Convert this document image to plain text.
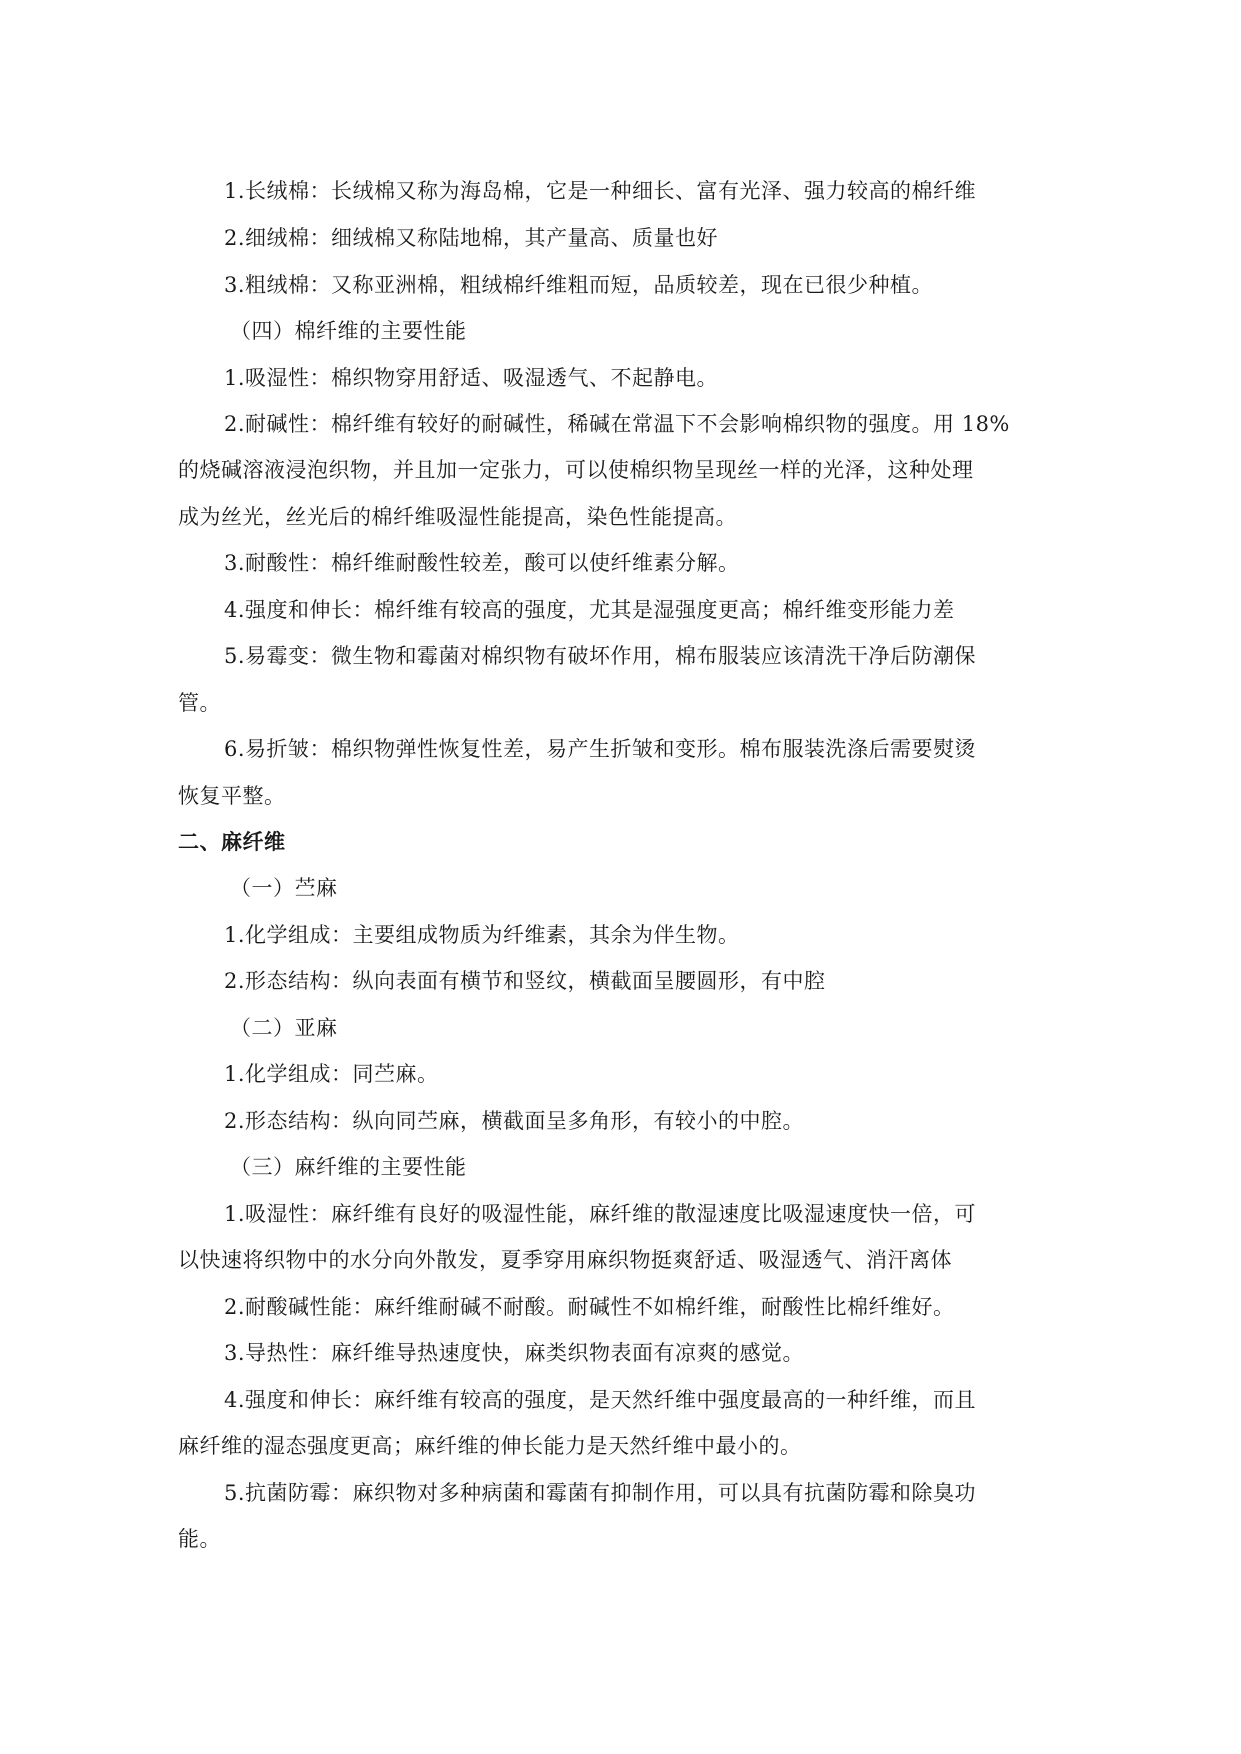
1.长绒棉：长绒棉又称为海岛棉，它是一种细长、富有光泽、强力较高的棉纤维
2.细绒棉：细绒棉又称陆地棉，其产量高、质量也好
3.粗绒棉：又称亚洲棉，粗绒棉纤维粗而短，品质较差，现在已很少种植。
（四）棉纤维的主要性能
1.吸湿性：棉织物穿用舒适、吸湿透气、不起静电。
2.耐碱性：棉纤维有较好的耐碱性，稀碱在常温下不会影响棉织物的强度。用 18%
的烧碱溶液浸泡织物，并且加一定张力，可以使棉织物呈现丝一样的光泽，这种处理
成为丝光，丝光后的棉纤维吸湿性能提高，染色性能提高。
3.耐酸性：棉纤维耐酸性较差，酸可以使纤维素分解。
4.强度和伸长：棉纤维有较高的强度，尤其是湿强度更高；棉纤维变形能力差
5.易霉变：微生物和霉菌对棉织物有破坏作用，棉布服装应该清洗干净后防潮保
管。
6.易折皱：棉织物弹性恢复性差，易产生折皱和变形。棉布服装洗涤后需要熨烫
恢复平整。
二、麻纤维
（一）苎麻
1.化学组成：主要组成物质为纤维素，其余为伴生物。
2.形态结构：纵向表面有横节和竖纹，横截面呈腰圆形，有中腔
（二）亚麻
1.化学组成：同苎麻。
2.形态结构：纵向同苎麻，横截面呈多角形，有较小的中腔。
（三）麻纤维的主要性能
1.吸湿性：麻纤维有良好的吸湿性能，麻纤维的散湿速度比吸湿速度快一倍，可
以快速将织物中的水分向外散发，夏季穿用麻织物挺爽舒适、吸湿透气、消汗离体
2.耐酸碱性能：麻纤维耐碱不耐酸。耐碱性不如棉纤维，耐酸性比棉纤维好。
3.导热性：麻纤维导热速度快，麻类织物表面有凉爽的感觉。
4.强度和伸长：麻纤维有较高的强度，是天然纤维中强度最高的一种纤维，而且
麻纤维的湿态强度更高；麻纤维的伸长能力是天然纤维中最小的。
5.抗菌防霉：麻织物对多种病菌和霉菌有抑制作用，可以具有抗菌防霉和除臭功
能。
